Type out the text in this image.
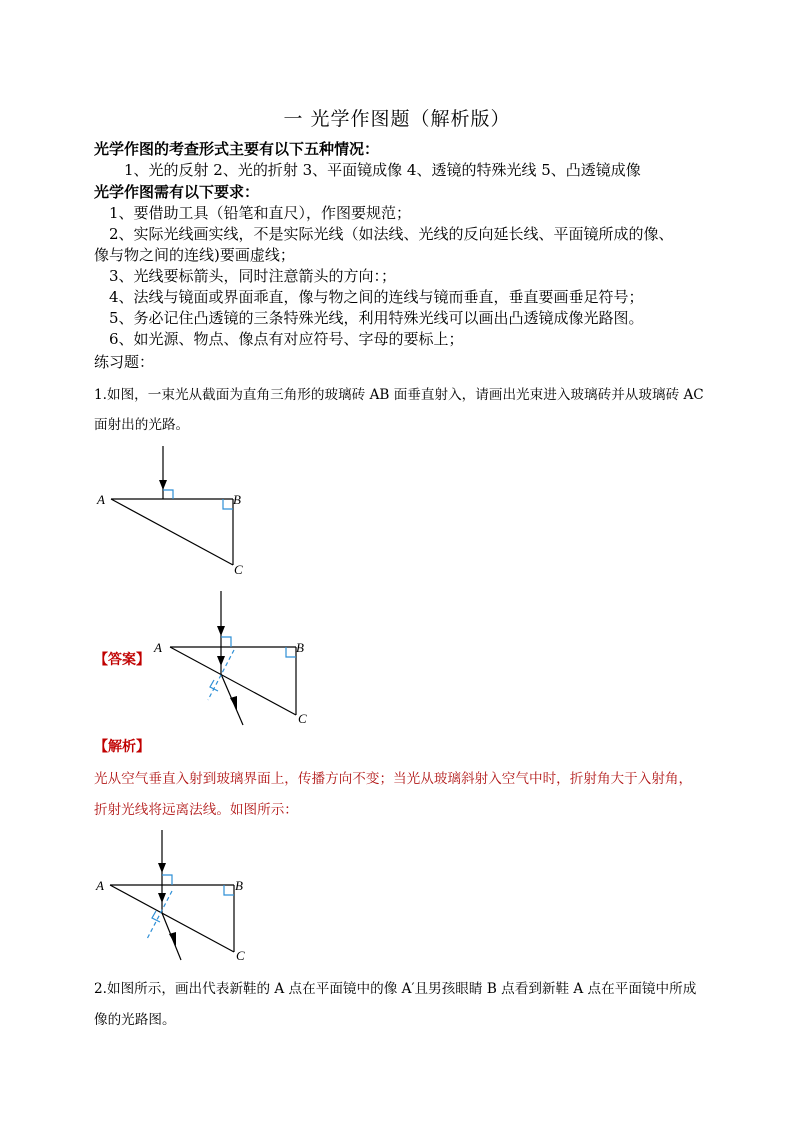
一 光学作图题（解析版）
光学作图的考查形式主要有以下五种情况：
1、光的反射 2、光的折射 3、平面镜成像 4、透镜的特殊光线 5、凸透镜成像
光学作图需有以下要求：
1、要借助工具（铅笔和直尺），作图要规范；
2、实际光线画实线，不是实际光线（如法线、光线的反向延长线、平面镜所成的像、
像与物之间的连线)要画虚线；
3、光线要标箭头，同时注意箭头的方向：；
4、法线与镜面或界面乖直，像与物之间的连线与镜而垂直，垂直要画垂足符号；
5、务必记住凸透镜的三条特殊光线，利用特殊光线可以画出凸透镜成像光路图。
6、如光源、物点、像点有对应符号、字母的要标上；
练习题：
1.如图，一束光从截面为直角三角形的玻璃砖 AB 面垂直射入，请画出光束进入玻璃砖并从玻璃砖 AC
面射出的光路。
A	B
C
【答案】
A	B
C
【解析】
光从空气垂直入射到玻璃界面上，传播方向不变；当光从玻璃斜射入空气中时，折射角大于入射角，
折射光线将远离法线。如图所示：
A	B
C
2.如图所示，画出代表新鞋的 A 点在平面镜中的像 A′且男孩眼睛 B 点看到新鞋 A 点在平面镜中所成
像的光路图。
